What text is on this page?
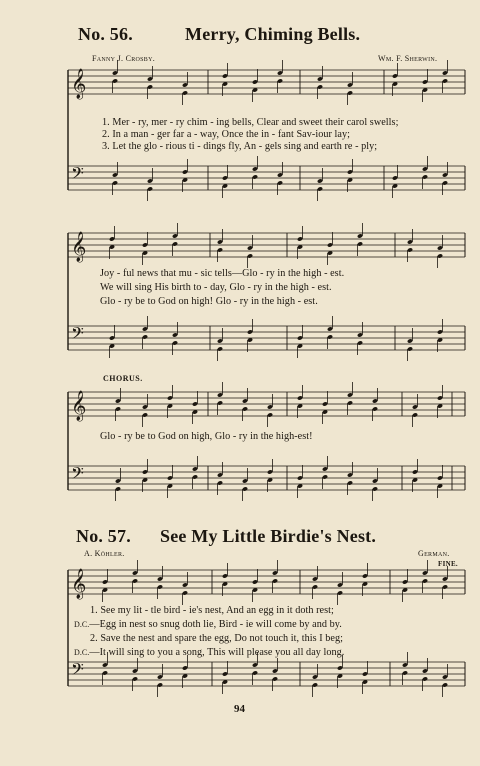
𝄞
𝄢
𝄞
𝄢
𝄞
𝄢
𝄞
𝄢
No. 56.	Merry, Chiming Bells.
Fanny J. Crosby.	Wm. F. Sherwin.
1. Mer - ry, mer - ry chim - ing bells, Clear and sweet their carol swells;
2. In a man - ger far a - way, Once the in - fant Sav-iour lay;
3. Let the glo - rious ti - dings fly, An - gels sing and earth re - ply;
Joy - ful news that mu - sic tells—Glo - ry in the high - est.
We will sing His birth to - day, Glo - ry in the high - est.
Glo - ry be to God on high! Glo - ry in the high - est.
CHORUS.
Glo - ry be to God on high, Glo - ry in the high-est!
No. 57. See My Little Birdie's Nest.
A. Köhler.	German.
FINE.
1. See my lit - tle bird - ie's nest, And an egg in it doth rest;
D.C.—Egg in nest so snug doth lie, Bird - ie will come by and by.
2. Save the nest and spare the egg, Do not touch it, this I beg;
D.C.—It will sing to you a song, This will please you all day long.
94
